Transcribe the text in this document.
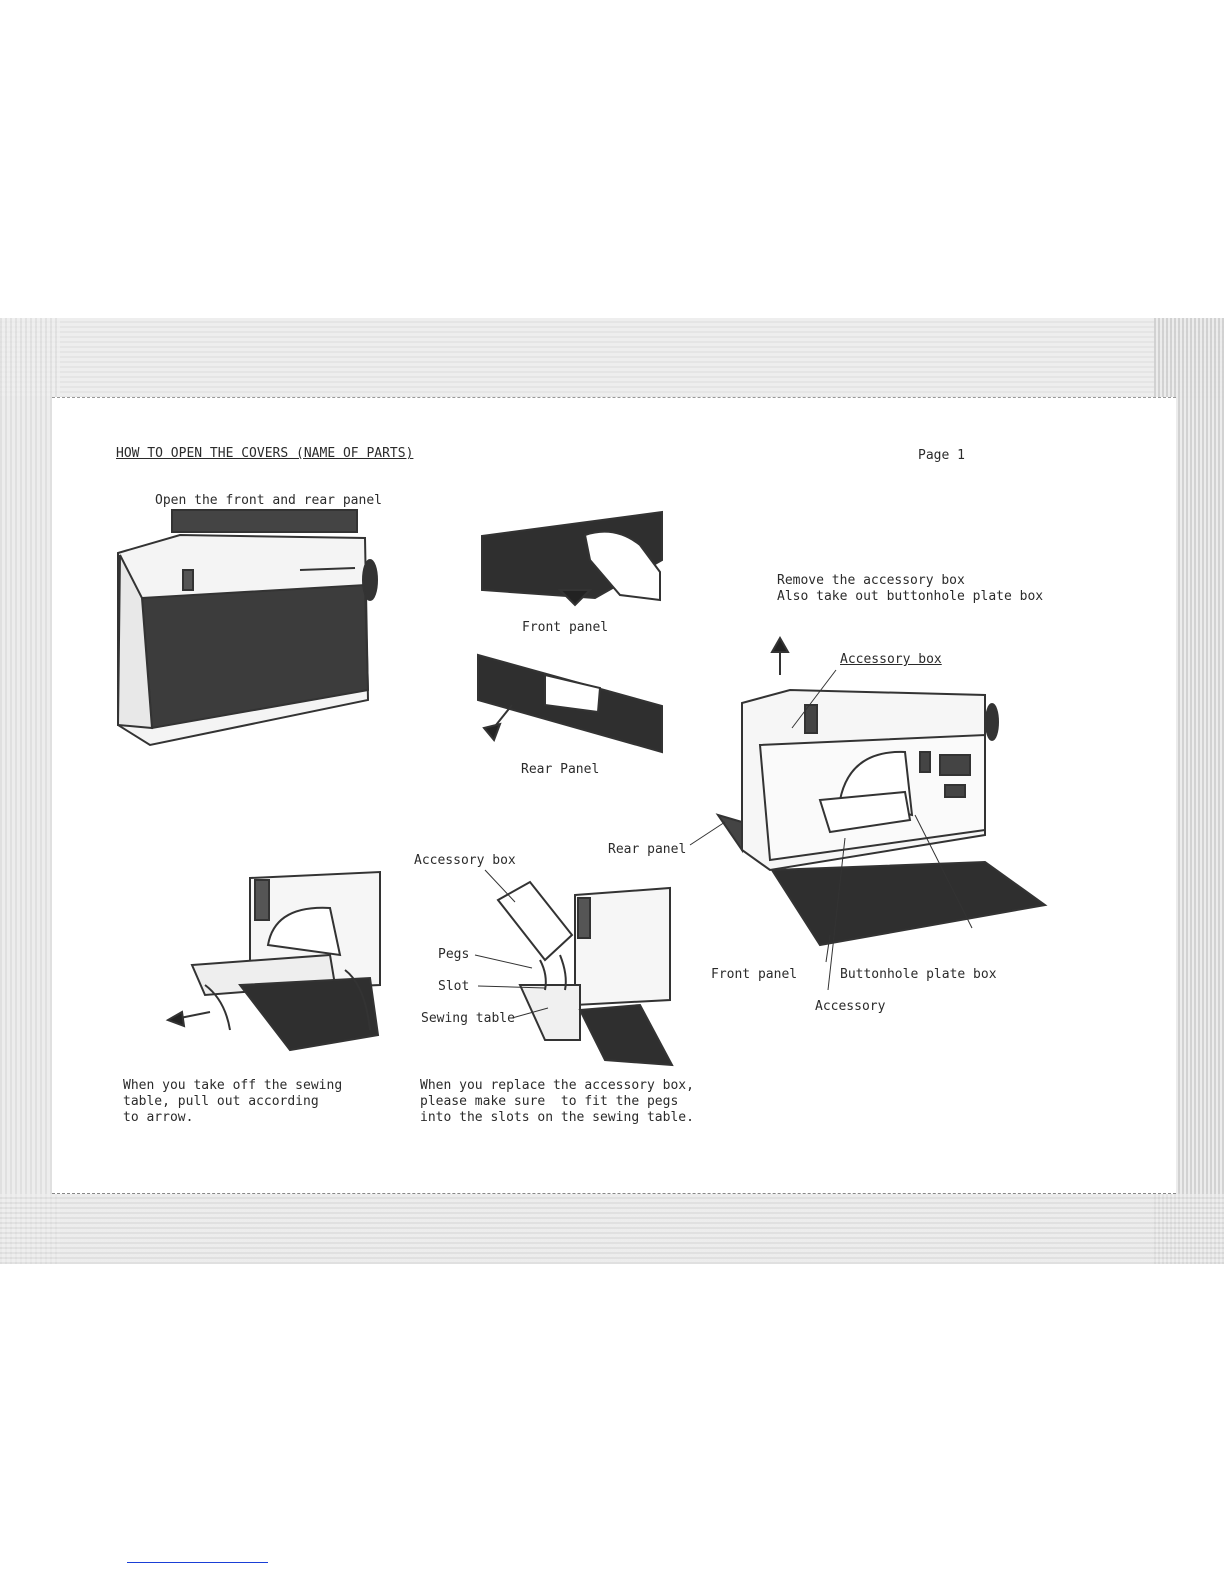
HOW TO OPEN THE COVERS (NAME OF PARTS)	Page 1
Open the front and rear panel
Front panel
Rear Panel
Remove the accessory box
Also take out buttonhole plate box
Accessory box
Rear panel
Front panel	Buttonhole plate box
Accessory
When you take off the sewing
table, pull out according
to arrow.
Accessory box
Pegs
Slot
Sewing table
When you replace the accessory box,
please make sure  to fit the pegs
into the slots on the sewing table.
